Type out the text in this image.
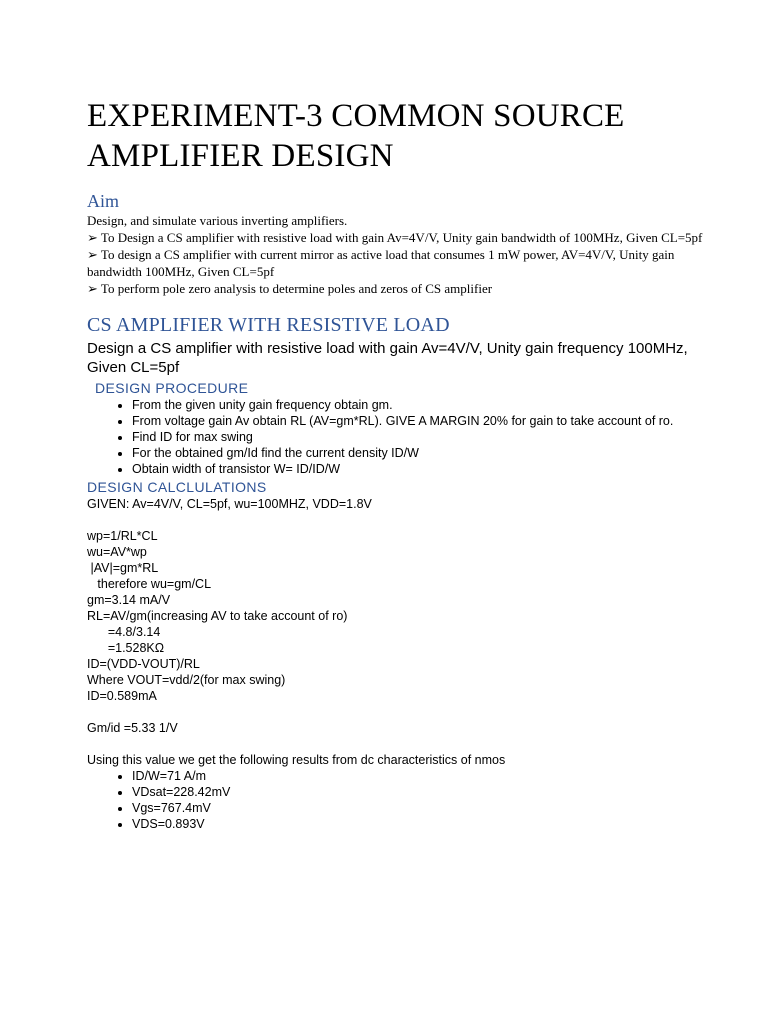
EXPERIMENT-3 COMMON SOURCE
AMPLIFIER DESIGN
Aim

Design, and simulate various inverting amplifiers.

➢ To Design a CS amplifier with resistive load with gain Av=4V/V, Unity gain bandwidth of 100MHz, Given CL=5pf
➢ To design a CS amplifier with current mirror as active load that consumes 1 mW power, AV=4V/V, Unity gain bandwidth 100MHz, Given CL=5pf
➢ To perform pole zero analysis to determine poles and zeros of CS amplifier
CS AMPLIFIER WITH RESISTIVE LOAD

Design a CS amplifier with resistive load with gain Av=4V/V, Unity gain frequency 100MHz, Given CL=5pf

DESIGN PROCEDURE
• From the given unity gain frequency obtain gm.
• From voltage gain Av obtain RL (AV=gm*RL). GIVE A MARGIN 20% for gain to take account of ro.
• Find ID for max swing
• For the obtained gm/Id find the current density ID/W
• Obtain width of transistor W= ID/ID/W
DESIGN CALCLULATIONS

GIVEN: Av=4V/V, CL=5pf, wu=100MHZ, VDD=1.8V

wp=1/RL*CL

wu=AV*wp

|AV|=gm*RL

therefore wu=gm/CL

gm=3.14 mA/V

RL=AV/gm(increasing AV to take account of ro)

=4.8/3.14

=1.528KΩ

ID=(VDD-VOUT)/RL

Where VOUT=vdd/2(for max swing)

ID=0.589mA

Gm/id =5.33 1/V

Using this value we get the following results from dc characteristics of nmos

• ID/W=71 A/m
• VDsat=228.42mV
• Vgs=767.4mV
• VDS=0.893V
